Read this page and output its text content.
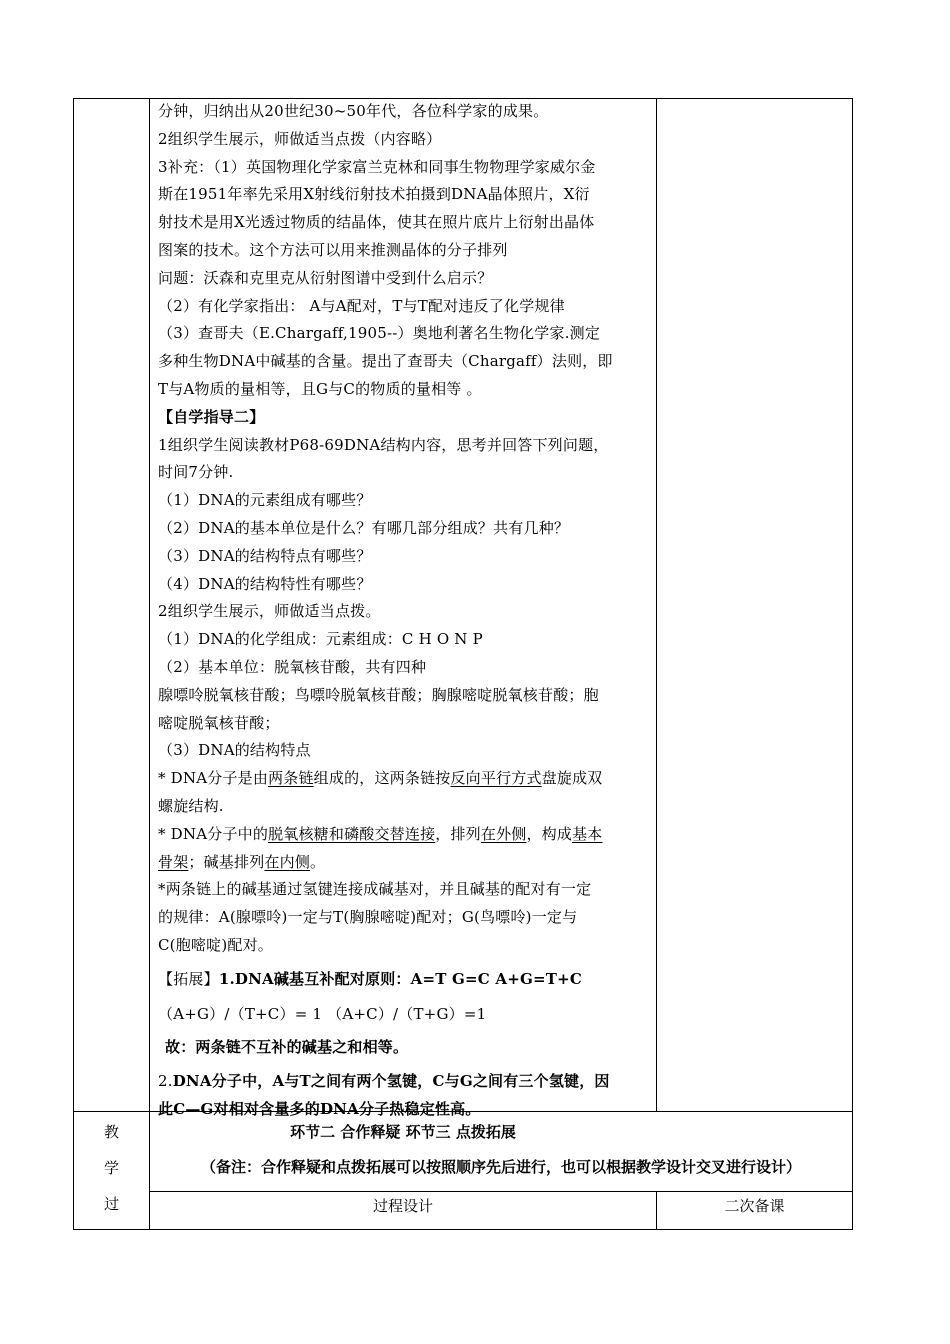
分钟，归纳出从20世纪30~50年代，各位科学家的成果。
2组织学生展示，师做适当点拨（内容略）
3补充：（1）英国物理化学家富兰克林和同事生物物理学家威尔金
斯在1951年率先采用X射线衍射技术拍摄到DNA晶体照片，X衍
射技术是用X光透过物质的结晶体，使其在照片底片上衍射出晶体
图案的技术。这个方法可以用来推测晶体的分子排列
问题：沃森和克里克从衍射图谱中受到什么启示？
（2）有化学家指出： A与A配对，T与T配对违反了化学规律
（3）查哥夫（E.Chargaff,1905--）奥地利著名生物化学家.测定
多种生物DNA中碱基的含量。提出了查哥夫（Chargaff）法则，即
T与A物质的量相等，且G与C的物质的量相等 。
【自学指导二】
1组织学生阅读教材P68-69DNA结构内容，思考并回答下列问题，
时间7分钟.
（1）DNA的元素组成有哪些？
（2）DNA的基本单位是什么？有哪几部分组成？共有几种？
（3）DNA的结构特点有哪些？
（4）DNA的结构特性有哪些？
2组织学生展示，师做适当点拨。
（1）DNA的化学组成：元素组成：C H O N P
（2）基本单位：脱氧核苷酸，共有四种
腺嘌呤脱氧核苷酸；鸟嘌呤脱氧核苷酸；胸腺嘧啶脱氧核苷酸；胞
嘧啶脱氧核苷酸；
（3）DNA的结构特点
* DNA分子是由两条链组成的，这两条链按反向平行方式盘旋成双
螺旋结构.
* DNA分子中的脱氧核糖和磷酸交替连接，排列在外侧，构成基本
骨架；碱基排列在内侧。
*两条链上的碱基通过氢键连接成碱基对，并且碱基的配对有一定
的规律：A(腺嘌呤)一定与T(胸腺嘧啶)配对；G(鸟嘌呤)一定与
C(胞嘧啶)配对。
【拓展】1.DNA碱基互补配对原则：A=T G=C A+G=T+C
（A+G）/（T+C）= 1 （A+C）/（T+G）=1
故：两条链不互补的碱基之和相等。
2.DNA分子中，A与T之间有两个氢键，C与G之间有三个氢键，因
此C—G对相对含量多的DNA分子热稳定性高。
环节二 合作释疑 环节三 点拨拓展
（备注：合作释疑和点拨拓展可以按照顺序先后进行，也可以根据教学设计交叉进行设计）
教
学
过	过程设计	二次备课
